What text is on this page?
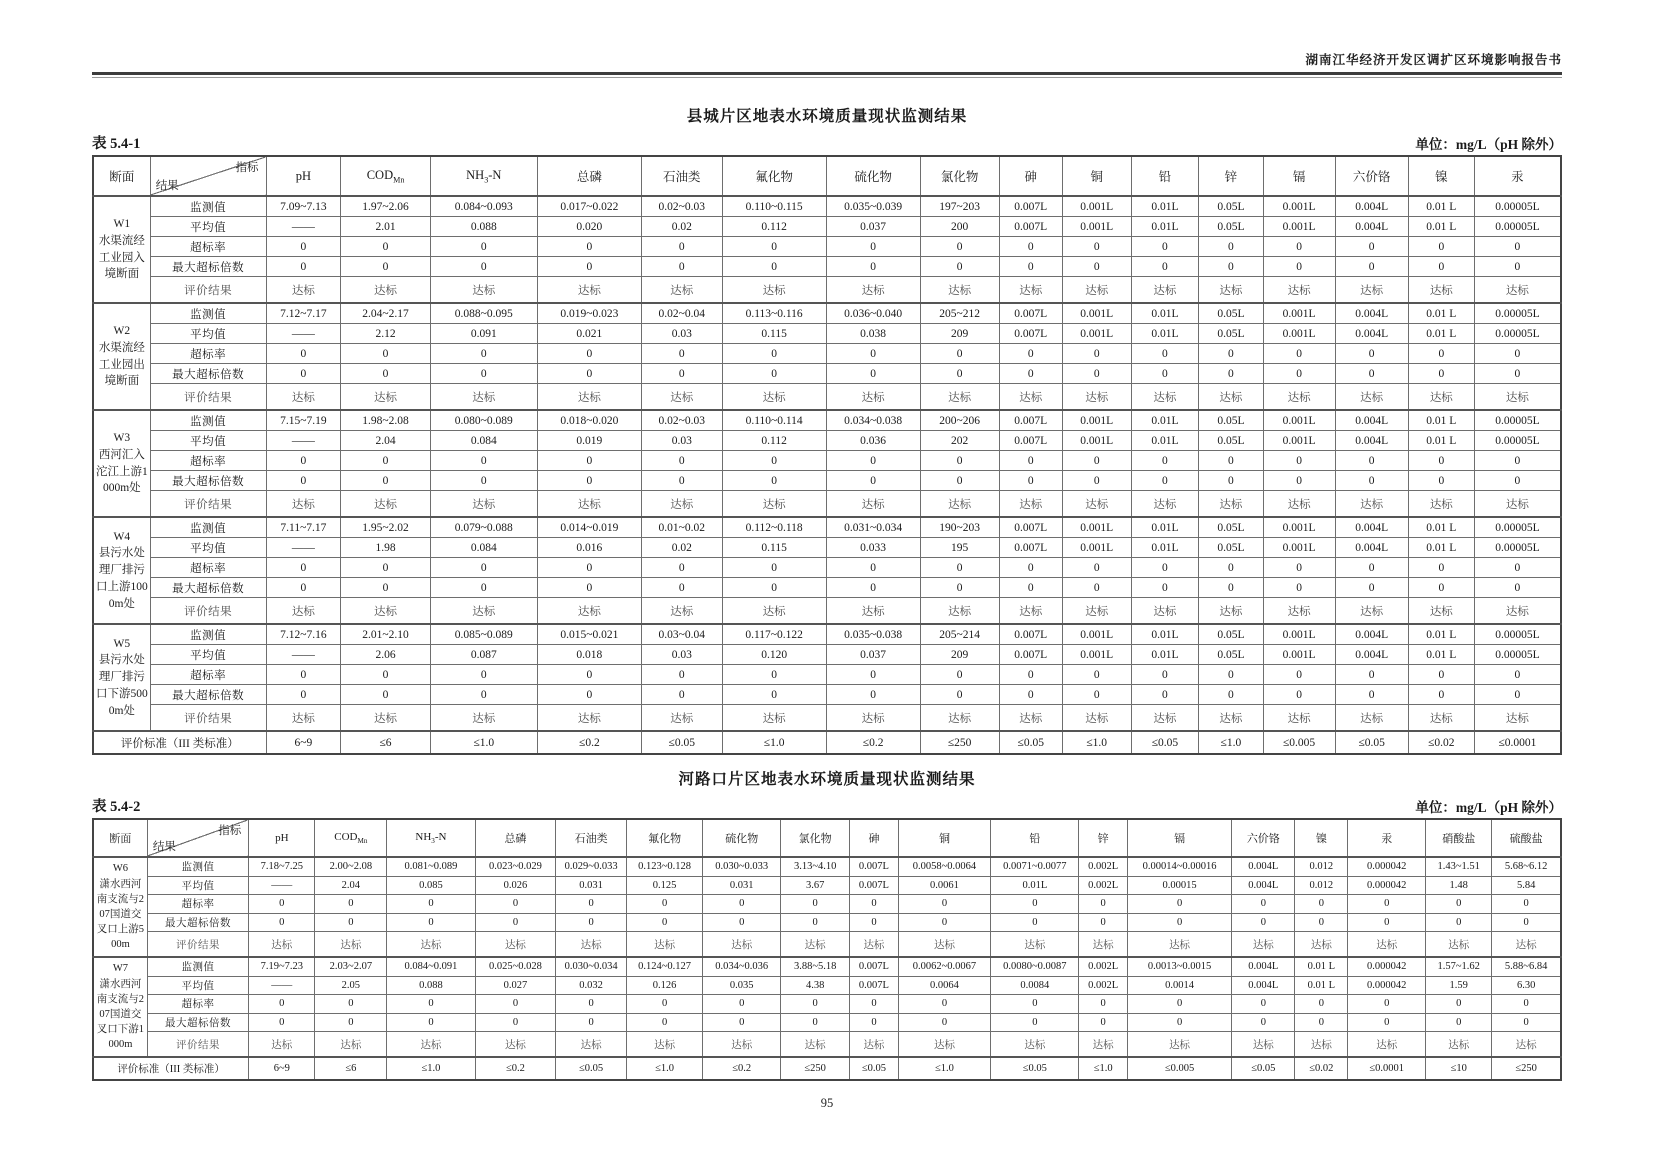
湖南江华经济开发区调扩区环境影响报告书
县城片区地表水环境质量现状监测结果
表 5.4-1	单位：mg/L（pH 除外）
断面	指标
结果	pH	$COD_{Mn}$	$NH_3-N$	总磷	石油类	氟化物	硫化物	氯化物	砷	铜	铅	锌	镉	六价铬	镍	汞

W1
水渠流经工业园入境断面	监测值	7.09~7.13	1.97~2.06	0.084~0.093	0.017~0.022	0.02~0.03	0.110~0.115	0.035~0.039	197~203	0.007L	0.001L	0.01L	0.05L	0.001L	0.004L	0.01 L	0.00005L
	平均值	——	2.01	0.088	0.020	0.02	0.112	0.037	200	0.007L	0.001L	0.01L	0.05L	0.001L	0.004L	0.01 L	0.00005L
	超标率	0	0	0	0	0	0	0	0	0	0	0	0	0	0	0	0
	最大超标倍数	0	0	0	0	0	0	0	0	0	0	0	0	0	0	0	0
	评价结果	达标	达标	达标	达标	达标	达标	达标	达标	达标	达标	达标	达标	达标	达标	达标	达标

W2
水渠流经工业园出境断面	监测值	7.12~7.17	2.04~2.17	0.088~0.095	0.019~0.023	0.02~0.04	0.113~0.116	0.036~0.040	205~212	0.007L	0.001L	0.01L	0.05L	0.001L	0.004L	0.01 L	0.00005L
	平均值	——	2.12	0.091	0.021	0.03	0.115	0.038	209	0.007L	0.001L	0.01L	0.05L	0.001L	0.004L	0.01 L	0.00005L
	超标率	0	0	0	0	0	0	0	0	0	0	0	0	0	0	0	0
	最大超标倍数	0	0	0	0	0	0	0	0	0	0	0	0	0	0	0	0
	评价结果	达标	达标	达标	达标	达标	达标	达标	达标	达标	达标	达标	达标	达标	达标	达标	达标

W3
西河汇入沱江上游1000m处	监测值	7.15~7.19	1.98~2.08	0.080~0.089	0.018~0.020	0.02~0.03	0.110~0.114	0.034~0.038	200~206	0.007L	0.001L	0.01L	0.05L	0.001L	0.004L	0.01 L	0.00005L
	平均值	——	2.04	0.084	0.019	0.03	0.112	0.036	202	0.007L	0.001L	0.01L	0.05L	0.001L	0.004L	0.01 L	0.00005L
	超标率	0	0	0	0	0	0	0	0	0	0	0	0	0	0	0	0
	最大超标倍数	0	0	0	0	0	0	0	0	0	0	0	0	0	0	0	0
	评价结果	达标	达标	达标	达标	达标	达标	达标	达标	达标	达标	达标	达标	达标	达标	达标	达标

W4
县污水处理厂排污口上游1000m处	监测值	7.11~7.17	1.95~2.02	0.079~0.088	0.014~0.019	0.01~0.02	0.112~0.118	0.031~0.034	190~203	0.007L	0.001L	0.01L	0.05L	0.001L	0.004L	0.01 L	0.00005L
	平均值	——	1.98	0.084	0.016	0.02	0.115	0.033	195	0.007L	0.001L	0.01L	0.05L	0.001L	0.004L	0.01 L	0.00005L
	超标率	0	0	0	0	0	0	0	0	0	0	0	0	0	0	0	0
	最大超标倍数	0	0	0	0	0	0	0	0	0	0	0	0	0	0	0	0
	评价结果	达标	达标	达标	达标	达标	达标	达标	达标	达标	达标	达标	达标	达标	达标	达标	达标

W5
县污水处理厂排污口下游5000m处	监测值	7.12~7.16	2.01~2.10	0.085~0.089	0.015~0.021	0.03~0.04	0.117~0.122	0.035~0.038	205~214	0.007L	0.001L	0.01L	0.05L	0.001L	0.004L	0.01 L	0.00005L
	平均值	——	2.06	0.087	0.018	0.03	0.120	0.037	209	0.007L	0.001L	0.01L	0.05L	0.001L	0.004L	0.01 L	0.00005L
	超标率	0	0	0	0	0	0	0	0	0	0	0	0	0	0	0	0
	最大超标倍数	0	0	0	0	0	0	0	0	0	0	0	0	0	0	0	0
	评价结果	达标	达标	达标	达标	达标	达标	达标	达标	达标	达标	达标	达标	达标	达标	达标	达标
评价标准（III 类标准）		6~9	≤6	≤1.0	≤0.2	≤0.05	≤1.0	≤0.2	≤250	≤0.05	≤1.0	≤0.05	≤1.0	≤0.005	≤0.05	≤0.02	≤0.0001
河路口片区地表水环境质量现状监测结果
表 5.4-2	单位：mg/L（pH 除外）
断面	指标
结果	pH	$COD_{Mn}$	$NH_3-N$	总磷	石油类	氟化物	硫化物	氯化物	砷	铜	铅	锌	镉	六价铬	镍	汞	硝酸盐	硫酸盐

W6
潇水西河南支流与207国道交叉口上游500m	监测值	7.18~7.25	2.00~2.08	0.081~0.089	0.023~0.029	0.029~0.033	0.123~0.128	0.030~0.033	3.13~4.10	0.007L	0.0058~0.0064	0.0071~0.0077	0.002L	0.00014~0.00016	0.004L	0.012	0.000042	1.43~1.51	5.68~6.12
	平均值	——	2.04	0.085	0.026	0.031	0.125	0.031	3.67	0.007L	0.0061	0.01L	0.002L	0.00015	0.004L	0.012	0.000042	1.48	5.84
	超标率	0	0	0	0	0	0	0	0	0	0	0	0	0	0	0	0	0	0
	最大超标倍数	0	0	0	0	0	0	0	0	0	0	0	0	0	0	0	0	0	0
	评价结果	达标	达标	达标	达标	达标	达标	达标	达标	达标	达标	达标	达标	达标	达标	达标	达标	达标	达标

W7
潇水西河南支流与207国道交叉口下游1000m	监测值	7.19~7.23	2.03~2.07	0.084~0.091	0.025~0.028	0.030~0.034	0.124~0.127	0.034~0.036	3.88~5.18	0.007L	0.0062~0.0067	0.0080~0.0087	0.002L	0.0013~0.0015	0.004L	0.01 L	0.000042	1.57~1.62	5.88~6.84
	平均值	——	2.05	0.088	0.027	0.032	0.126	0.035	4.38	0.007L	0.0064	0.0084	0.002L	0.0014	0.004L	0.01 L	0.000042	1.59	6.30
	超标率	0	0	0	0	0	0	0	0	0	0	0	0	0	0	0	0	0	0
	最大超标倍数	0	0	0	0	0	0	0	0	0	0	0	0	0	0	0	0	0	0
	评价结果	达标	达标	达标	达标	达标	达标	达标	达标	达标	达标	达标	达标	达标	达标	达标	达标	达标	达标
评价标准（III 类标准）		6~9	≤6	≤1.0	≤0.2	≤0.05	≤1.0	≤0.2	≤250	≤0.05	≤1.0	≤0.05	≤1.0	≤0.005	≤0.05	≤0.02	≤0.0001	≤10	≤250
95
